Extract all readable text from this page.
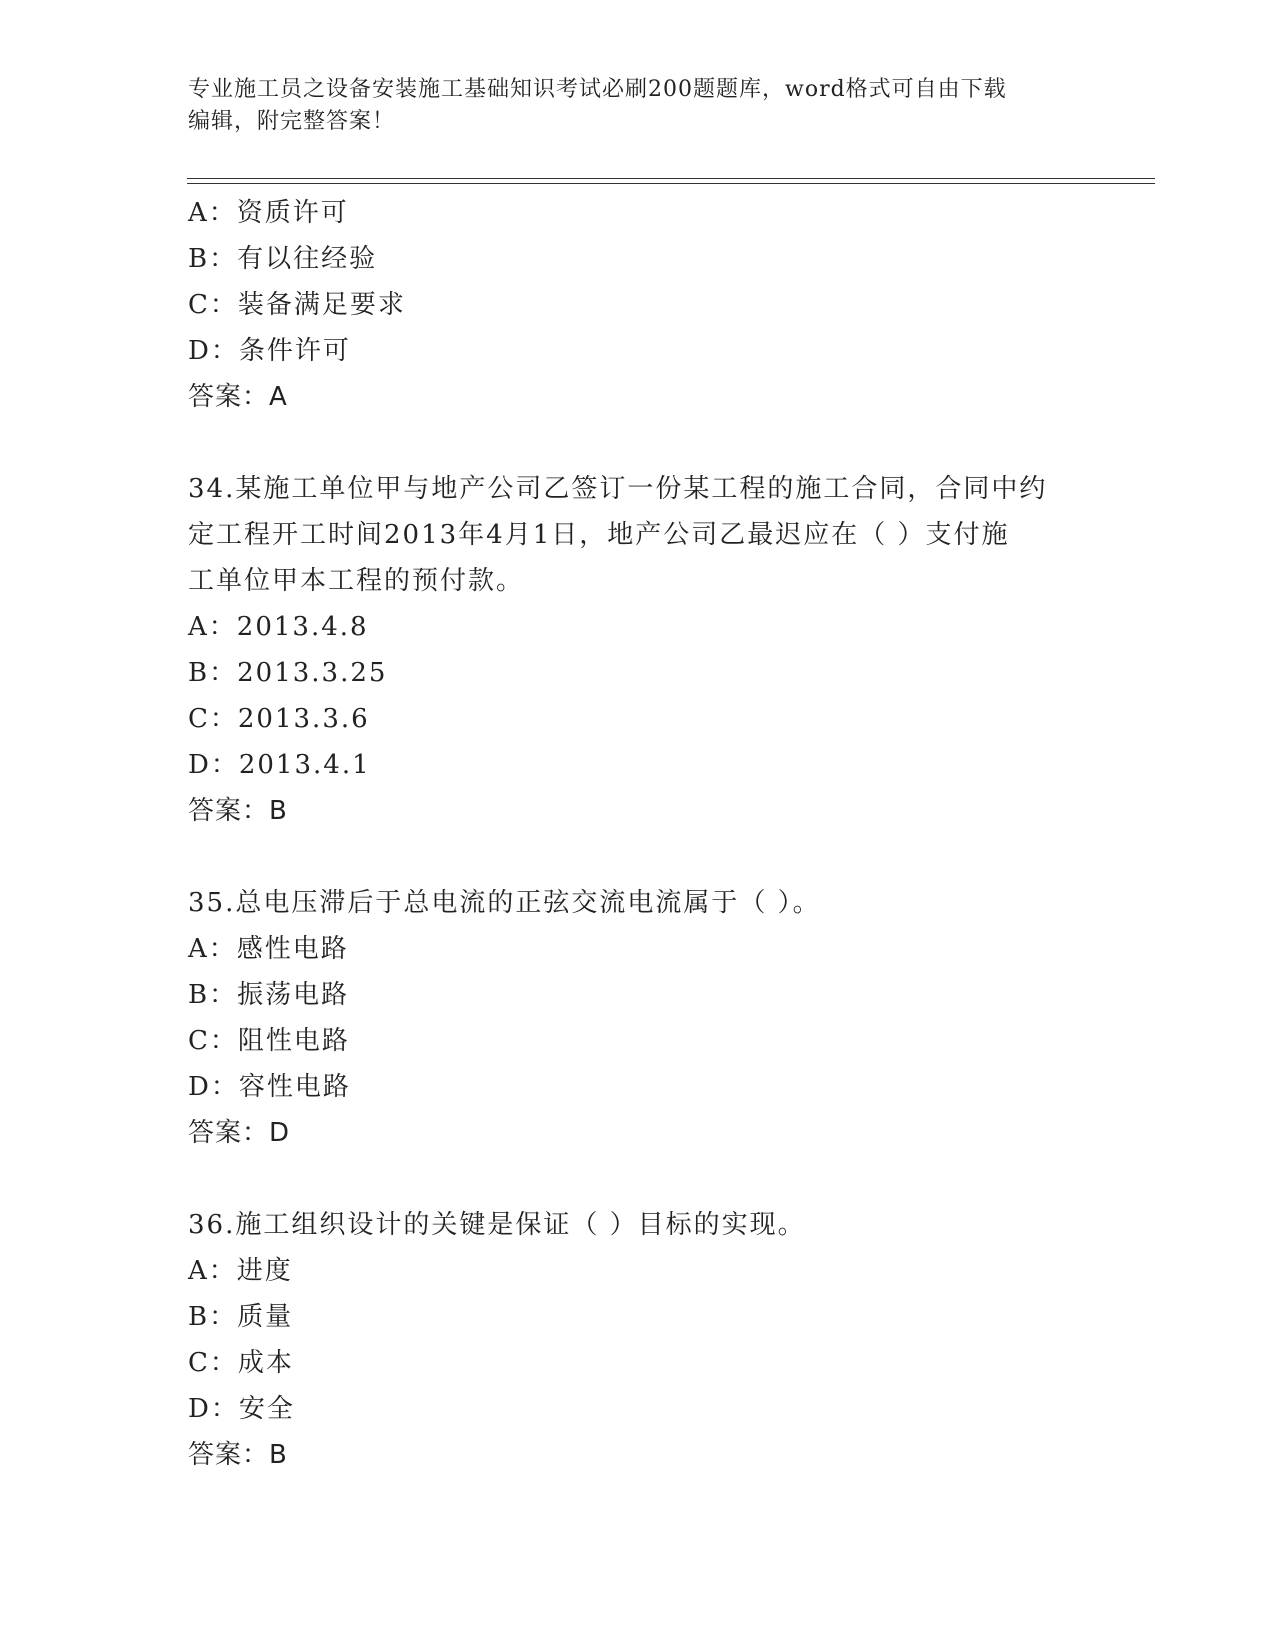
专业施工员之设备安装施工基础知识考试必刷200题题库，word格式可自由下载
编辑，附完整答案！
A：资质许可
B：有以往经验
C：装备满足要求
D：条件许可
答案：A
34.某施工单位甲与地产公司乙签订一份某工程的施工合同，合同中约
定工程开工时间2013年4月1日，地产公司乙最迟应在（ ）支付施
工单位甲本工程的预付款。
A：2013.4.8
B：2013.3.25
C：2013.3.6
D：2013.4.1
答案：B
35.总电压滞后于总电流的正弦交流电流属于（ ）。
A：感性电路
B：振荡电路
C：阻性电路
D：容性电路
答案：D
36.施工组织设计的关键是保证（ ）目标的实现。
A：进度
B：质量
C：成本
D：安全
答案：B
